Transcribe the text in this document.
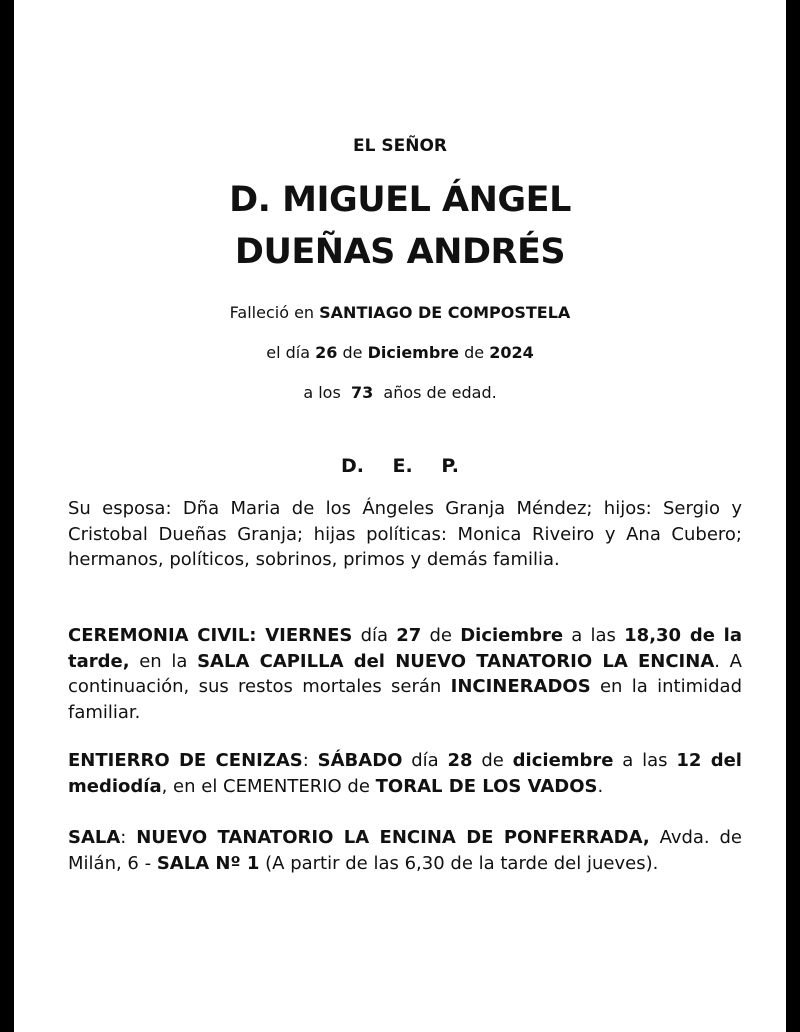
EL SEÑOR
D. MIGUEL ÁNGEL
DUEÑAS ANDRÉS
Falleció en SANTIAGO DE COMPOSTELA
el día 26 de Diciembre de 2024
a los 73 años de edad.
D. E. P.
Su esposa: Dña Maria de los Ángeles Granja Méndez; hijos: Sergio y Cristobal Dueñas Granja; hijas políticas: Monica Riveiro y Ana Cubero; hermanos, políticos, sobrinos, primos y demás familia.
CEREMONIA CIVIL: VIERNES día 27 de Diciembre a las 18,30 de la tarde, en la SALA CAPILLA del NUEVO TANATORIO LA ENCINA. A continuación, sus restos mortales serán INCINERADOS en la intimidad familiar.
ENTIERRO DE CENIZAS: SÁBADO día 28 de diciembre a las 12 del mediodía, en el CEMENTERIO de TORAL DE LOS VADOS.
SALA: NUEVO TANATORIO LA ENCINA DE PONFERRADA, Avda. de Milán, 6 - SALA Nº 1 (A partir de las 6,30 de la tarde del jueves).
